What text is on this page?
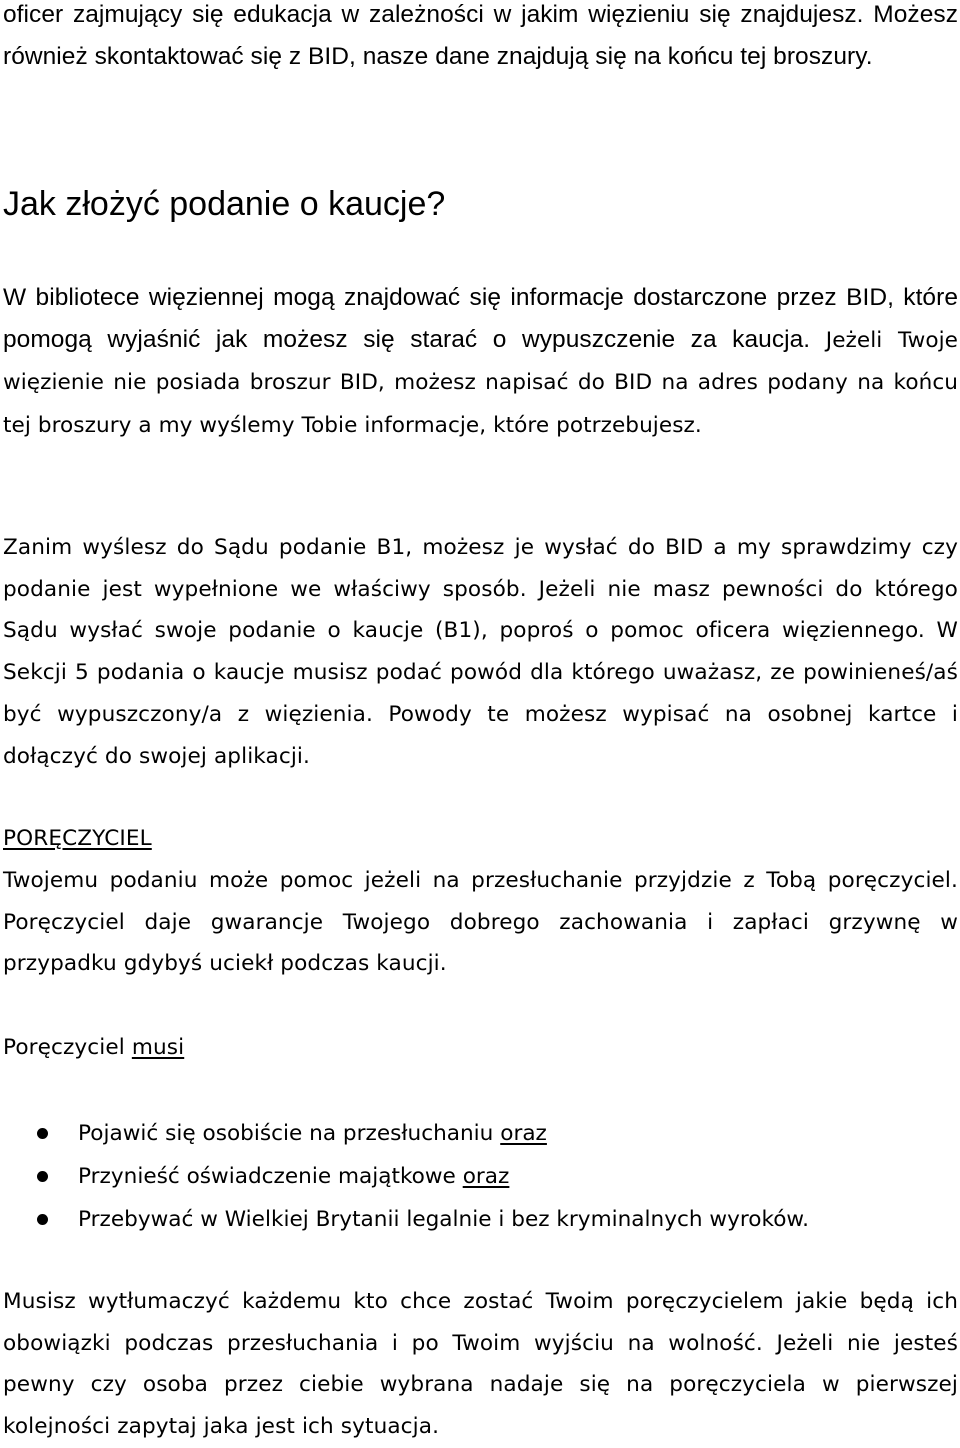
oficer zajmujący się edukacja w zależności w jakim więzieniu się znajdujesz. Możesz również skontaktować się z BID, nasze dane znajdują się na końcu tej broszury.

Jak złożyć podanie o kaucje?

W bibliotece więziennej mogą znajdować się informacje dostarczone przez BID, które pomogą wyjaśnić jak możesz się starać o wypuszczenie za kaucja. Jeżeli Twoje więzienie nie posiada broszur BID, możesz napisać do BID na adres podany na końcu tej broszury a my wyślemy Tobie informacje, które potrzebujesz.

Zanim wyślesz do Sądu podanie B1, możesz je wysłać do BID a my sprawdzimy czy podanie jest wypełnione we właściwy sposób. Jeżeli nie masz pewności do którego Sądu wysłać swoje podanie o kaucje (B1), poproś o pomoc oficera więziennego. W Sekcji 5 podania o kaucje musisz podać powód dla którego uważasz, ze powinieneś/aś być wypuszczony/a z więzienia. Powody te możesz wypisać na osobnej kartce i dołączyć do swojej aplikacji.

PORĘCZYCIEL

Twojemu podaniu może pomoc jeżeli na przesłuchanie przyjdzie z Tobą poręczyciel. Poręczyciel daje gwarancje Twojego dobrego zachowania i zapłaci grzywnę w przypadku gdybyś uciekł podczas kaucji.

Poręczyciel musi

Pojawić się osobiście na przesłuchaniu oraz
Przynieść oświadczenie majątkowe oraz
Przebywać w Wielkiej Brytanii legalnie i bez kryminalnych wyroków.

Musisz wytłumaczyć każdemu kto chce zostać Twoim poręczycielem jakie będą ich obowiązki podczas przesłuchania i po Twoim wyjściu na wolność. Jeżeli nie jesteś pewny czy osoba przez ciebie wybrana nadaje się na poręczyciela w pierwszej kolejności zapytaj jaka jest ich sytuacja.
